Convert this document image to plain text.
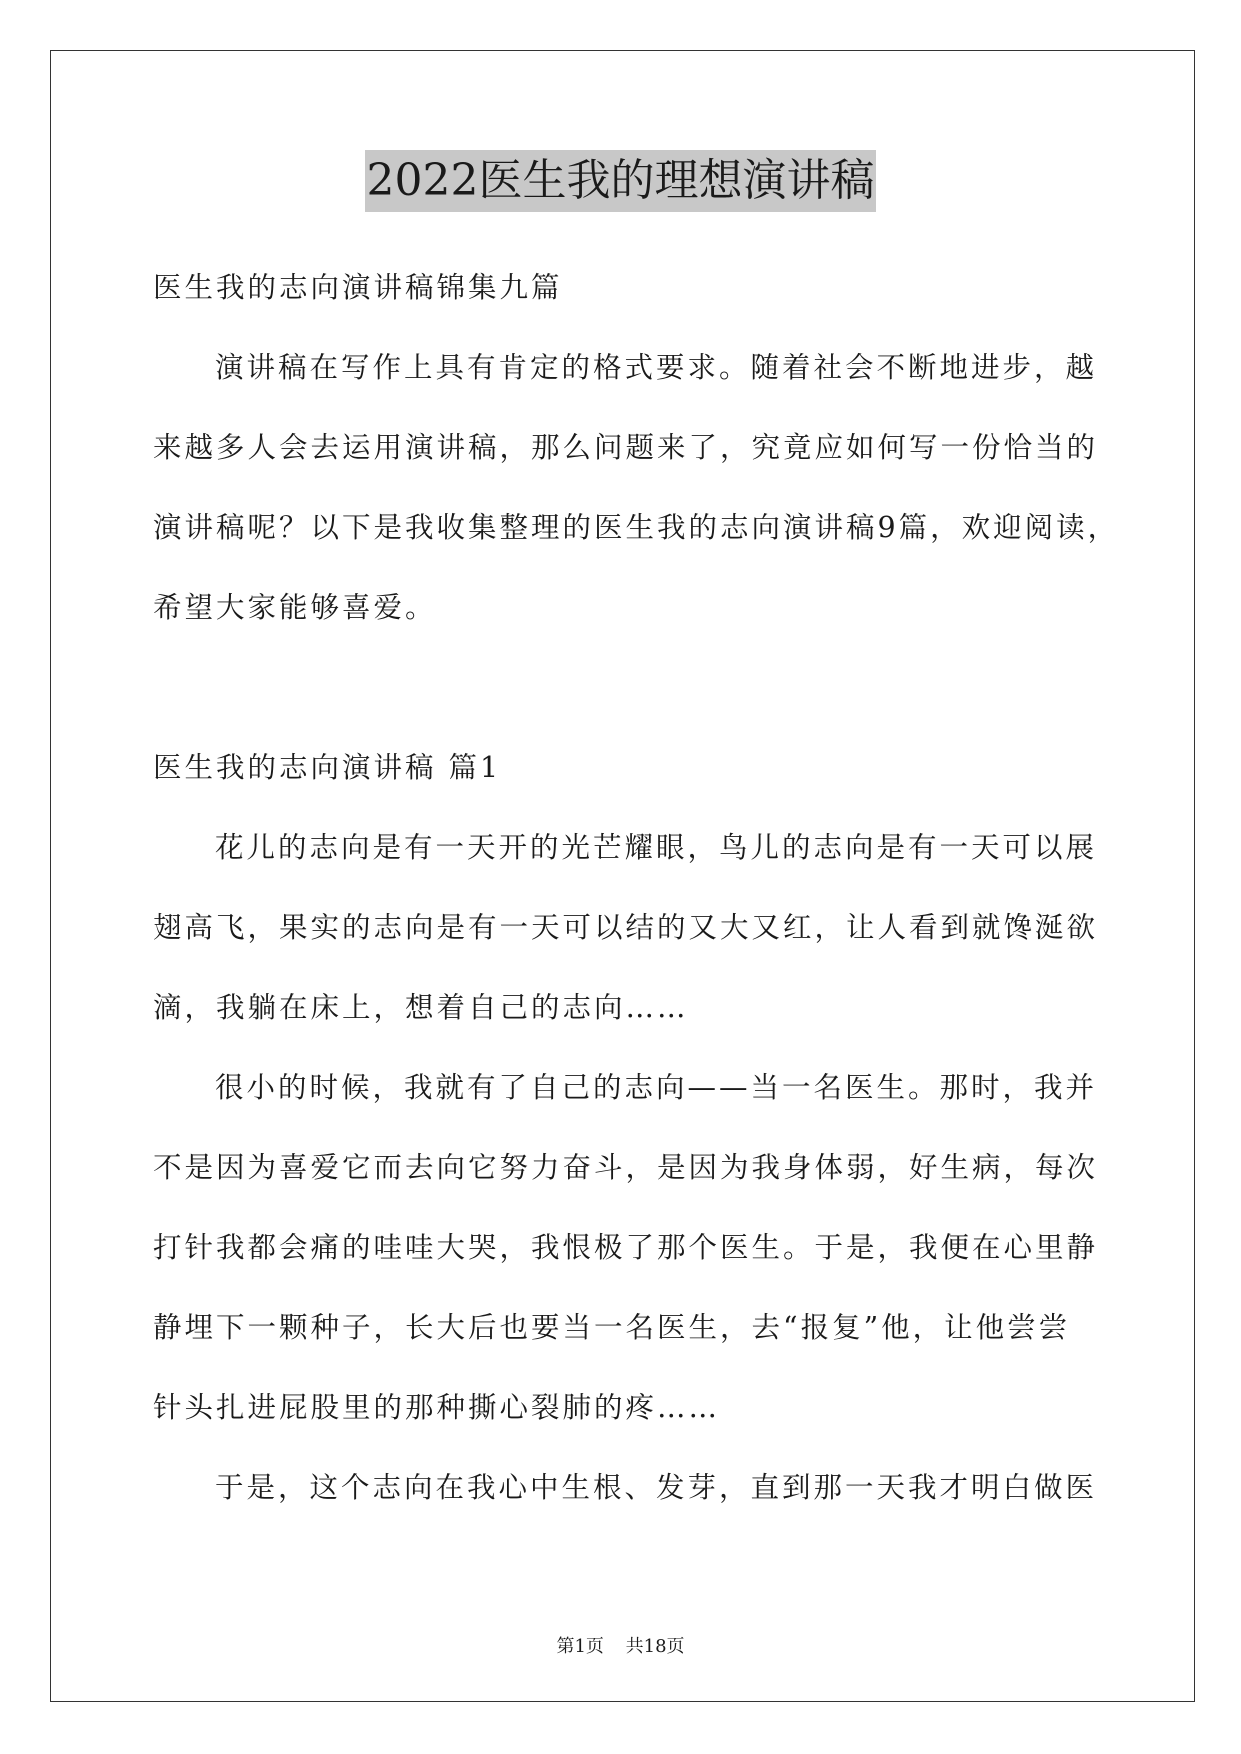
2022医生我的理想演讲稿
医生我的志向演讲稿锦集九篇
演讲稿在写作上具有肯定的格式要求。随着社会不断地进步，越
来越多人会去运用演讲稿，那么问题来了，究竟应如何写一份恰当的
演讲稿呢？以下是我收集整理的医生我的志向演讲稿9篇，欢迎阅读，
希望大家能够喜爱。
医生我的志向演讲稿 篇1
花儿的志向是有一天开的光芒耀眼，鸟儿的志向是有一天可以展
翅高飞，果实的志向是有一天可以结的又大又红，让人看到就馋涎欲
滴，我躺在床上，想着自己的志向……
很小的时候，我就有了自己的志向——当一名医生。那时，我并
不是因为喜爱它而去向它努力奋斗，是因为我身体弱，好生病，每次
打针我都会痛的哇哇大哭，我恨极了那个医生。于是，我便在心里静
静埋下一颗种子，长大后也要当一名医生，去“报复”他，让他尝尝
针头扎进屁股里的那种撕心裂肺的疼……
于是，这个志向在我心中生根、发芽，直到那一天我才明白做医
第1页 共18页
